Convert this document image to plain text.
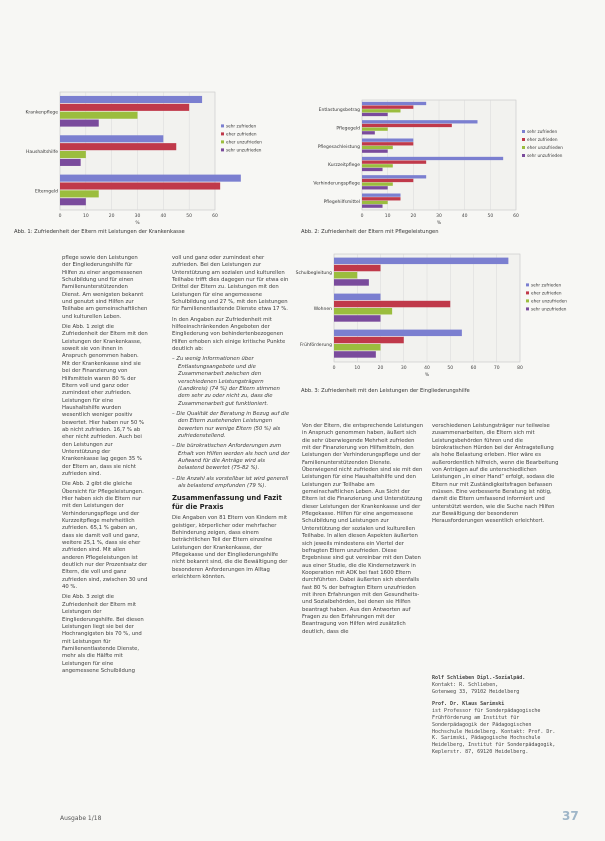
0	10	20	30	40	50	60
%
Krankenpflege
Haushaltshilfe
Elterngeld
sehr zufrieden
eher zufrieden
eher unzufrieden
sehr unzufrieden
Abb. 1: Zufriedenheit der Eltern mit Leistungen der Krankenkasse
0	10	20	30	40	50	60
%
Entlastungsbetrag
Pflegegeld
Pflegesachleistung
Kurzzeitpflege
Verhinderungspflege
Pflegehilfsmittel
sehr zufrieden
eher zufrieden
eher unzufrieden
sehr unzufrieden
Abb. 2: Zufriedenheit der Eltern mit Pflegeleistungen
0	10	20	30	40	50	60	70	80
%
Schulbegleitung
Wohnen
Frühförderung
sehr zufrieden
eher zufrieden
eher unzufrieden
sehr unzufrieden
Abb. 3: Zufriedenheit mit den Leistungen der Eingliederungshilfe

pflege sowie den Leistungen der Eingliederungshilfe für Hilfen zu einer angemessenen Schulbildung und für einen Familienunterstützenden Dienst. Am wenigsten bekannt und genutzt sind Hilfen zur Teilhabe am gemeinschaftlichen und kulturellen Leben.

Die Abb. 1 zeigt die Zufriedenheit der Eltern mit den Leistungen der Krankenkasse, soweit sie von ihnen in Anspruch genommen haben. Mit der Krankenkasse sind sie bei der Finanzierung von Hilfsmitteln waren 80 % der Eltern voll und ganz oder zumindest eher zufrieden. Leistungen für eine Haushaltshilfe wurden wesentlich weniger positiv bewertet. Hier haben nur 50 % ab nicht zufrieden. 16,7 % ab eher nicht zufrieden. Auch bei den Leistungen zur Unterstützung der Krankenkasse lag gegen 35 % der Eltern an, dass sie nicht zufrieden sind.

Die Abb. 2 gibt die gleiche Übersicht für Pflegeleistungen. Hier haben sich die Eltern nur mit den Leistungen der Verhinderungspflege und der Kurzzeitpflege mehrheitlich zufrieden. 65,1 % gaben an, dass sie damit voll und ganz, weitere 25,1 %, dass sie eher zufrieden sind. Mit allen anderen Pflegeleistungen ist deutlich nur der Prozentsatz der Eltern, die voll und ganz zufrieden sind, zwischen 30 und 40 %.

Die Abb. 3 zeigt die Zufriedenheit der Eltern mit Leistungen der Eingliederungshilfe. Bei diesen Leistungen liegt sie bei der Hochrangigsten bis 70 %, und mit Leistungen für Familienentlastende Dienste, mehr als die Hälfte mit Leistungen für eine angemessene Schulbildung

voll und ganz oder zumindest eher zufrieden. Bei den Leistungen zur Unterstützung am sozialen und kulturellen Teilhabe trifft dies dagegen nur für etwa ein Drittel der Eltern zu. Leistungen mit den Leistungen für eine angemessene Schulbildung und 27 %, mit den Leistungen für Familienentlastende Dienste etwa 17 %.

In den Angaben zur Zufriedenheit mit hilfeeinschränkenden Angeboten der Eingliederung von behindertenbezogenen Hilfen erhoben sich einige kritische Punkte deutlich ab:

– Zu wenig Informationen über Entlastungsangebote und die Zusammenarbeit zwischen den verschiedenen Leistungsträgern (Landkreis) (74 %) der Eltern stimmen dem sehr zu oder nicht zu, dass die Zusammenarbeit gut funktioniert.

– Die Qualität der Beratung in Bezug auf die den Eltern zustehenden Leistungen bewerten nur wenige Eltern (50 %) als zufriedenstellend.

– Die bürokratischen Anforderungen zum Erhalt von Hilfen werden als hoch und der Aufwand für die Anträge wird als belastend bewertet (75-82 %).

– Die Anzahl als vorstellbar ist wird generell als belastend empfunden (79 %).

Zusammenfassung und Fazit für die Praxis

Die Angaben von 81 Eltern von Kindern mit geistiger, körperlicher oder mehrfacher Behinderung zeigen, dass einem beträchtlichen Teil der Eltern einzelne Leistungen der Krankenkasse, der Pflegekasse und der Eingliederungshilfe nicht bekannt sind, die die Bewältigung der besonderen Anforderungen im Alltag erleichtern könnten.

Von der Eltern, die entsprechende Leistungen in Anspruch genommen haben, äußert sich die sehr überwiegende Mehrheit zufrieden mit der Finanzierung von Hilfsmitteln, den Leistungen der Verhinderungspflege und der Familienunterstützenden Dienste. Überwiegend nicht zufrieden sind sie mit den Leistungen für eine Haushaltshilfe und den Leistungen zur Teilhabe am gemeinschaftlichen Leben. Aus Sicht der Eltern ist die Finanzierung und Unterstützung dieser Leistungen der Krankenkasse und der Pflegekasse. Hilfen für eine angemessene Schulbildung und Leistungen zur Unterstützung der sozialen und kulturellen Teilhabe. In allen diesen Aspekten äußerten sich jeweils mindestens ein Viertel der befragten Eltern unzufrieden. Diese Ergebnisse sind gut vereinbar mit den Daten aus einer Studie, die die Kindernetzwerk in Kooperation mit AOK bei fast 1600 Eltern durchführten. Dabei äußerten sich ebenfalls fast 80 % der befragten Eltern unzufrieden mit ihren Erfahrungen mit den Gesundheits- und Sozialbehörden, bei denen sie Hilfen beantragt haben. Aus den Antworten auf Fragen zu den Erfahrungen mit der Beantragung von Hilfen wird zusätzlich deutlich, dass die

verschiedenen Leistungsträger nur teilweise zusammenarbeiten, die Eltern sich mit Leistungsbehörden führen und die bürokratischen Hürden bei der Antragstellung als hohe Belastung erleben. Hier wäre es außerordentlich hilfreich, wenn die Bearbeitung von Anträgen auf die unterschiedlichen Leistungen „in einer Hand“ erfolgt, sodass die Eltern nur mit Zuständigkeitsfragen befassen müssen. Eine verbesserte Beratung ist nötig, damit die Eltern umfassend informiert und unterstützt werden, wie die Suche nach Hilfen zur Bewältigung der besonderen Herausforderungen wesentlich erleichtert.

Rolf Schlieben Dipl.-Sozialpäd.
Kontakt: R. Schlieben,
Gotenweg 33, 79102 Heidelberg
Prof. Dr. Klaus Sarimski
ist Professor für Sonderpädagogische Frühförderung am Institut für Sonderpädagogik der Pädagogischen Hochschule Heidelberg. Kontakt: Prof. Dr. K. Sarimski, Pädagogische Hochschule Heidelberg, Institut für Sonderpädagogik, Keplerstr. 87, 69120 Heidelberg.
Ausgabe 1/18	37
